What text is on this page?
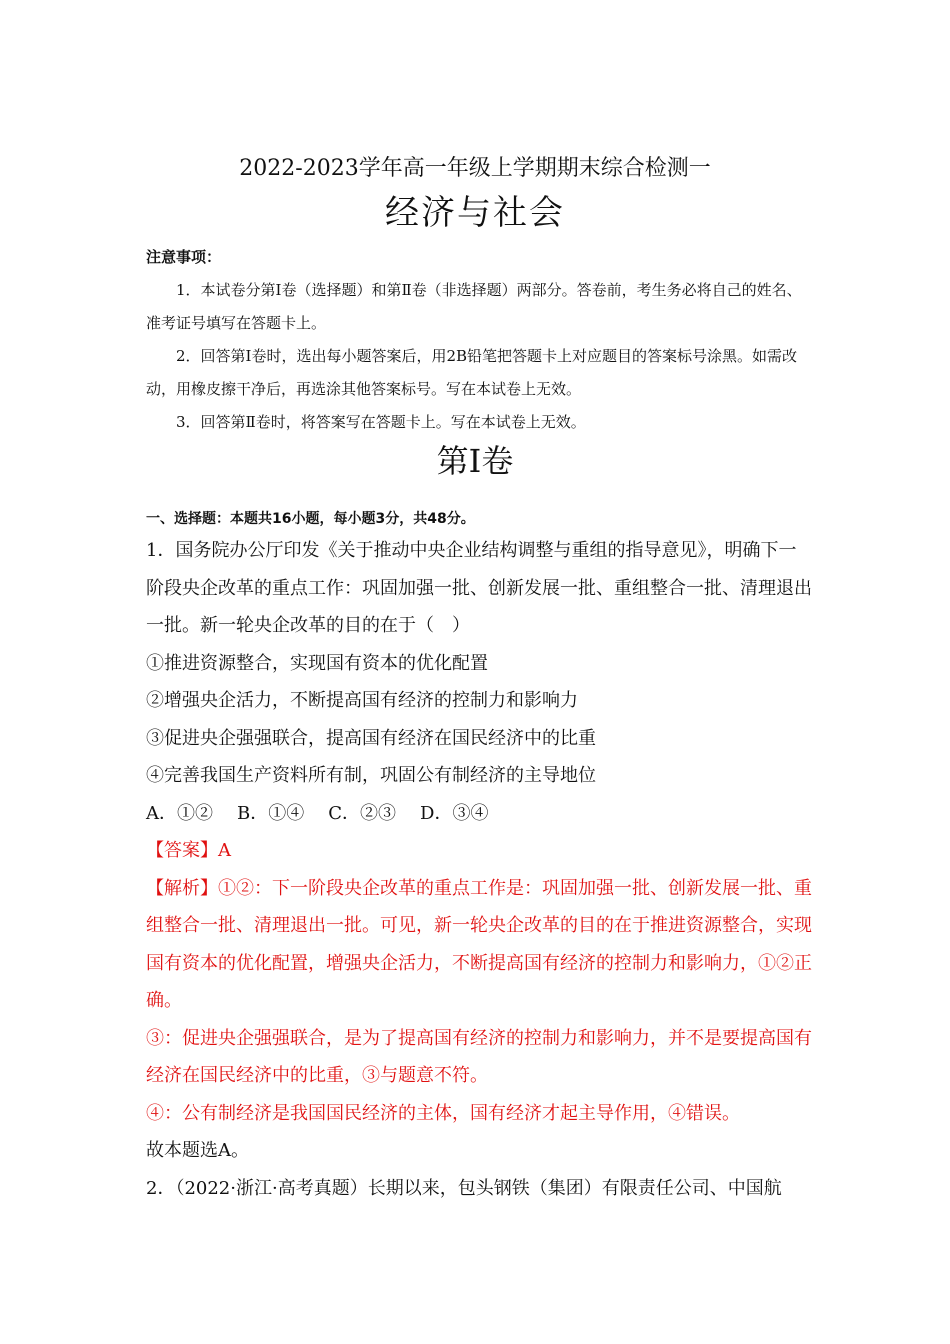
2022-2023学年高一年级上学期期末综合检测一
经济与社会
注意事项：
1．本试卷分第Ⅰ卷（选择题）和第Ⅱ卷（非选择题）两部分。答卷前，考生务必将自己的姓名、准考证号填写在答题卡上。
2．回答第Ⅰ卷时，选出每小题答案后，用2B铅笔把答题卡上对应题目的答案标号涂黑。如需改动，用橡皮擦干净后，再选涂其他答案标号。写在本试卷上无效。
3．回答第Ⅱ卷时，将答案写在答题卡上。写在本试卷上无效。
第Ⅰ卷
一、选择题：本题共16小题，每小题3分，共48分。
1．国务院办公厅印发《关于推动中央企业结构调整与重组的指导意见》，明确下一阶段央企改革的重点工作：巩固加强一批、创新发展一批、重组整合一批、清理退出一批。新一轮央企改革的目的在于（　）
①推进资源整合，实现国有资本的优化配置
②增强央企活力，不断提高国有经济的控制力和影响力
③促进央企强强联合，提高国有经济在国民经济中的比重
④完善我国生产资料所有制，巩固公有制经济的主导地位
A．①② B．①④ C．②③ D．③④
【答案】A
【解析】①②：下一阶段央企改革的重点工作是：巩固加强一批、创新发展一批、重组整合一批、清理退出一批。可见，新一轮央企改革的目的在于推进资源整合，实现国有资本的优化配置，增强央企活力，不断提高国有经济的控制力和影响力，①②正确。
③：促进央企强强联合，是为了提高国有经济的控制力和影响力，并不是要提高国有经济在国民经济中的比重，③与题意不符。
④：公有制经济是我国国民经济的主体，国有经济才起主导作用，④错误。
故本题选A。
2．（2022·浙江·高考真题）长期以来，包头钢铁（集团）有限责任公司、中国航
